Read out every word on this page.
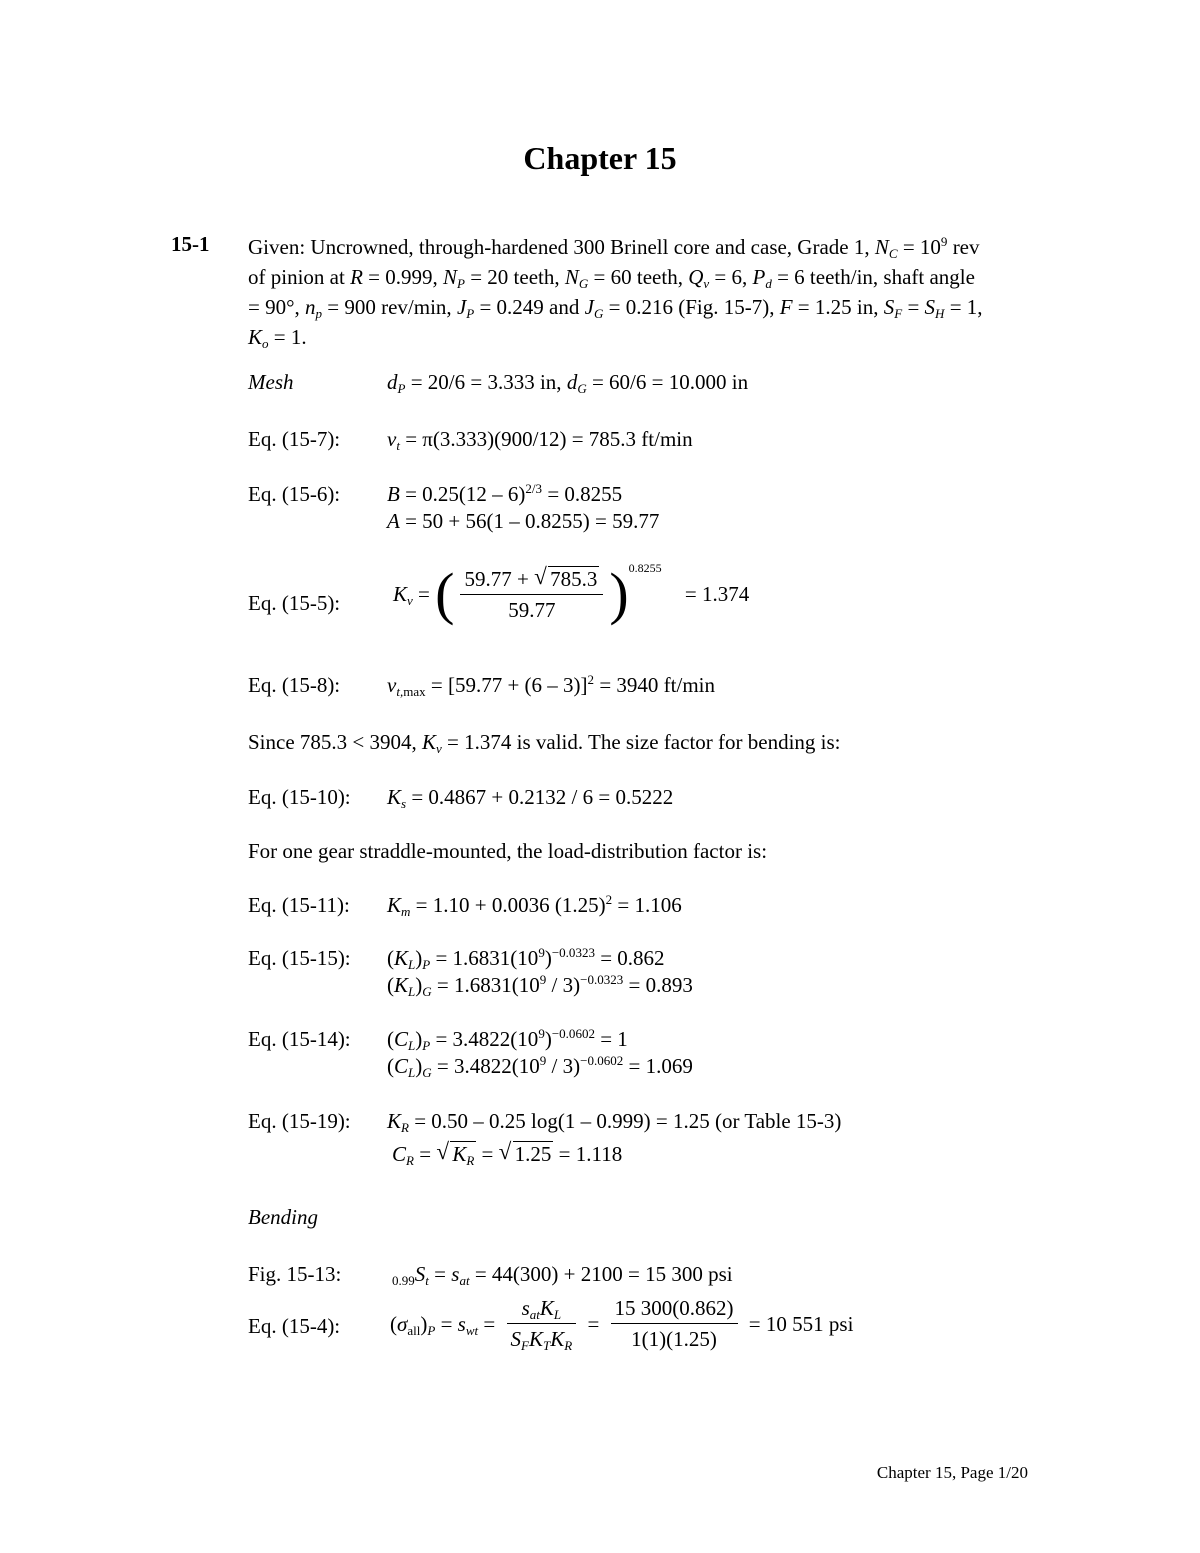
Chapter 15
15-1 Given: Uncrowned, through-hardened 300 Brinell core and case, Grade 1, $N_C = 10^9$ rev of pinion at R = 0.999, $N_P = 20$ teeth, $N_G = 60$ teeth, $Q_v = 6$, $P_d = 6$ teeth/in, shaft angle = 90°, $n_p = 900$ rev/min, $J_P = 0.249$ and $J_G = 0.216$ (Fig. 15-7), F = 1.25 in, $S_F = S_H = 1$, $K_o = 1$.
Mesh	$d_P = 20/6 = 3.333$ in, $d_G = 60/6 = 10.000$ in
Eq. (15-7): $v_t = \pi(3.333)(900/12) = 785.3$ ft/min
Eq. (15-6): B = 0.25(12 – 6)$^{2/3}$ = 0.8255
A = 50 + 56(1 – 0.8255) = 59.77
Eq. (15-5):	$K_v$ = ( $\frac{59.77 + √ 785.3}{59.77} )0.8255 = 1.374$
Eq. (15-8): $v_{t,max} = [59.77 + (6 - 3)]^2 = 3940$ ft/min
Since 785.3 < 3904, $K_v = 1.374$ is valid. The size factor for bending is:
Eq. (15-10): $K_s = 0.4867 + 0.2132 / 6 = 0.5222$
For one gear straddle-mounted, the load-distribution factor is:
Eq. (15-11): $K_m = 1.10 + 0.0036$ $(1.25)^2 = 1.106$
Eq. (15-15): $(K_L)_P = 1.6831(10^9)^{-0.0323} = 0.862$
$(K_L)_G = 1.6831(10^9 / 3)^{-0.0323} = 0.893$
Eq. (15-14): $(C_L)_P = 3.4822(10^9)^{-0.0602} = 1$
$(C_L)_G = 3.4822(10^9 / 3)^{-0.0602} = 1.069$
Eq. (15-19): $K_R = 0.50 - 0.25$ log(1 – 0.999) = 1.25 (or Table 15-3)
$C_R$ = √ $K_R$ = √ 1.25 = 1.118
Bending
Fig. 15-13:	$_{0.99}S_t = s_{at} = 44(300) + 2100 = 15$ 300 psi
Eq. (15-4): $(\sigma_{all})_P = s_{wt} = \frac{s_{at}K_L}{S_FK_TK_R} = \frac{15 300(0.862)}{1(1)(1.25)} = 10$ 551 psi
Chapter 15, Page 1/20
